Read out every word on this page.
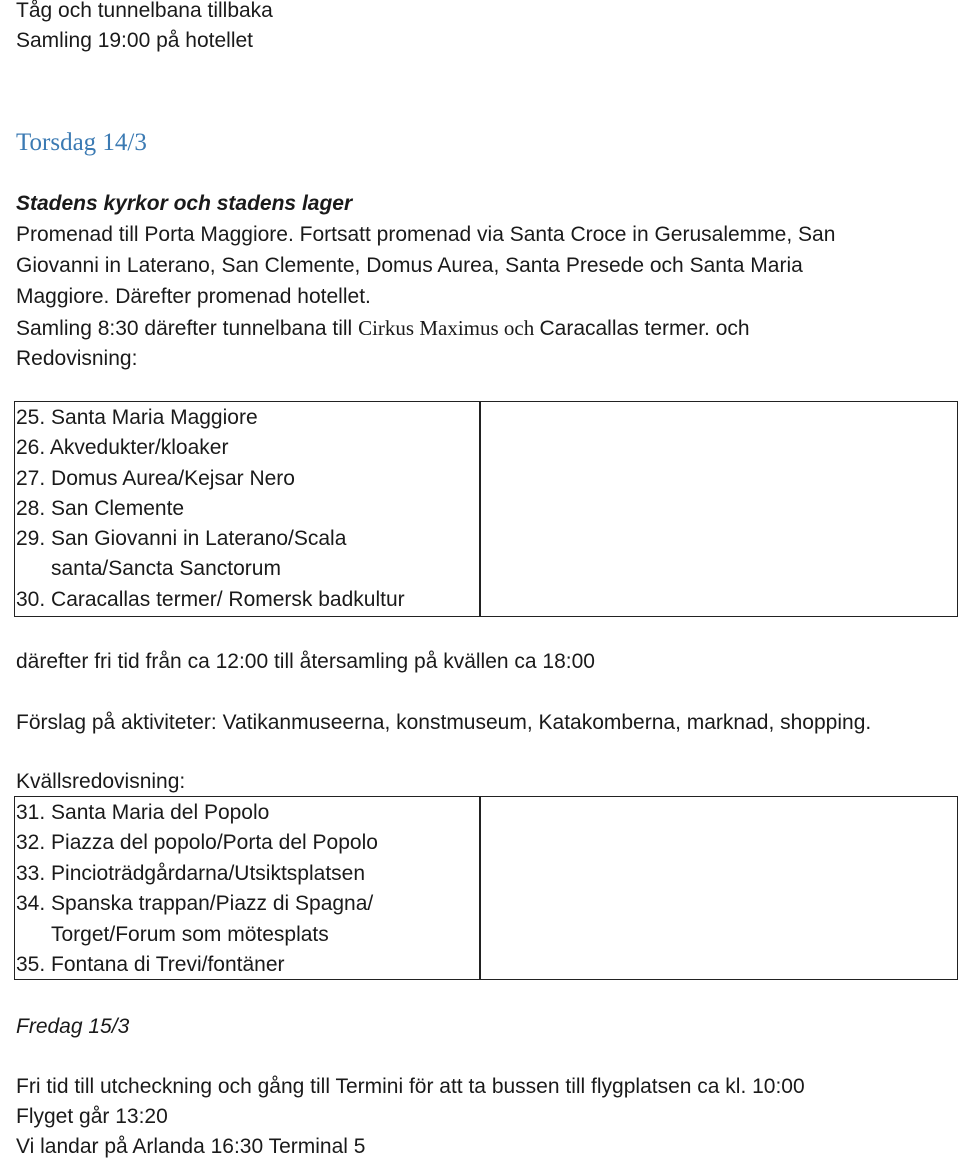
Tåg och tunnelbana tillbaka
Samling 19:00 på hotellet
Torsdag 14/3
Stadens kyrkor och stadens lager
Promenad till Porta Maggiore. Fortsatt promenad via Santa Croce in Gerusalemme, San
Giovanni in Laterano, San Clemente, Domus Aurea, Santa Presede och Santa Maria
Maggiore. Därefter promenad hotellet.
Samling 8:30 därefter tunnelbana till Cirkus Maximus och Caracallas termer. och
Redovisning:
25. Santa Maria Maggiore
26. Akvedukter/kloaker
27. Domus Aurea/Kejsar Nero
28. San Clemente
29. San Giovanni in Laterano/Scala
santa/Sancta Sanctorum
30. Caracallas termer/ Romersk badkultur
därefter fri tid från ca 12:00 till återsamling på kvällen ca 18:00
Förslag på aktiviteter: Vatikanmuseerna, konstmuseum, Katakomberna, marknad, shopping.
Kvällsredovisning:
31. Santa Maria del Popolo
32. Piazza del popolo/Porta del Popolo
33. Pincioträdgårdarna/Utsiktsplatsen
34. Spanska trappan/Piazz di Spagna/
Torget/Forum som mötesplats
35. Fontana di Trevi/fontäner
Fredag 15/3
Fri tid till utcheckning och gång till Termini för att ta bussen till flygplatsen ca kl. 10:00
Flyget går 13:20
Vi landar på Arlanda 16:30 Terminal 5
